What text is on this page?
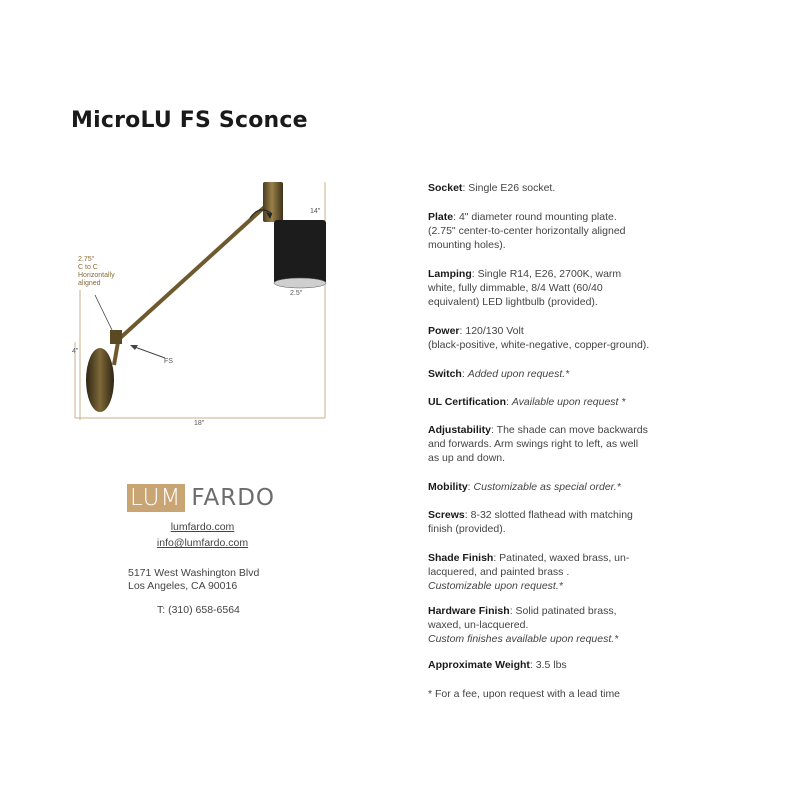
MicroLU FS Sconce
14"
2.5"
4"
18"
2.75"
C to C
Horizontally
aligned
FS
LUM FARDO
lumfardo.com
info@lumfardo.com
5171 West Washington Blvd
Los Angeles, CA 90016
T: (310) 658-6564
Socket: Single E26 socket.
Plate: 4" diameter round mounting plate.
(2.75" center-to-center horizontally aligned
mounting holes).
Lamping: Single R14, E26, 2700K, warm
white, fully dimmable, 8/4 Watt (60/40
equivalent) LED lightbulb (provided).
Power: 120/130 Volt
(black-positive, white-negative, copper-ground).
Switch: Added upon request.*
UL Certification: Available upon request *
Adjustability: The shade can move backwards
and forwards. Arm swings right to left, as well
as up and down.
Mobility: Customizable as special order.*
Screws: 8-32 slotted flathead with matching
finish (provided).
Shade Finish: Patinated, waxed brass, un-
lacquered, and painted brass .
Customizable upon request.*
Hardware Finish: Solid patinated brass,
waxed, un-lacquered.
Custom finishes available upon request.*
Approximate Weight: 3.5 lbs
* For a fee, upon request with a lead time
